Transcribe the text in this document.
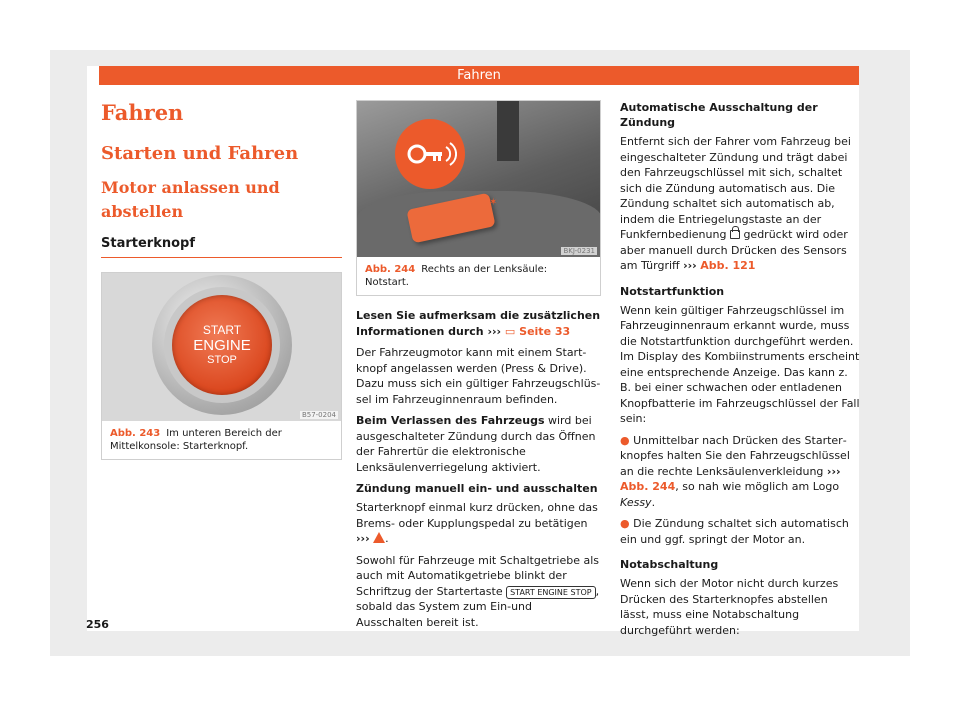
Fahren
Fahren
Starten und Fahren
Motor anlassen und abstellen
Starterknopf
START
ENGINE
STOP
B57-0204
Abb. 243 Im unteren Bereich der Mittelkonsole: Starterknopf.
✶
BKJ-0231
Abb. 244 Rechts an der Lenksäule: Notstart.

Lesen Sie aufmerksam die zusätzlichen Informationen durch ››› ▭ Seite 33

Der Fahrzeugmotor kann mit einem Startknopf angelassen werden (Press & Drive). Dazu muss sich ein gültiger Fahrzeugschlüssel im Fahrzeuginnenraum befinden.

Beim Verlassen des Fahrzeugs wird bei ausgeschalteter Zündung durch das Öffnen der Fahrertür die elektronische Lenksäulenverriegelung aktiviert.

Zündung manuell ein- und ausschalten

Starterknopf einmal kurz drücken, ohne das Brems- oder Kupplungspedal zu betätigen ››› .

Sowohl für Fahrzeuge mit Schaltgetriebe als auch mit Automatikgetriebe blinkt der Schriftzug der Startertaste START ENGINE STOP , sobald das System zum Ein-und Ausschalten bereit ist.

Automatische Ausschaltung der Zündung

Entfernt sich der Fahrer vom Fahrzeug bei eingeschalteter Zündung und trägt dabei den Fahrzeugschlüssel mit sich, schaltet sich die Zündung automatisch aus. Die Zündung schaltet sich automatisch ab, indem die Entriegelungstaste an der Funkfernbedienung gedrückt wird oder aber manuell durch Drücken des Sensors am Türgriff ››› Abb. 121

Notstartfunktion

Wenn kein gültiger Fahrzeugschlüssel im Fahrzeuginnenraum erkannt wurde, muss die Notstartfunktion durchgeführt werden. Im Display des Kombiinstruments erscheint eine entsprechende Anzeige. Das kann z. B. bei einer schwachen oder entladenen Knopfbatterie im Fahrzeugschlüssel der Fall sein:

● Unmittelbar nach Drücken des Starterknopfes halten Sie den Fahrzeugschlüssel an die rechte Lenksäulenverkleidung ››› Abb. 244, so nah wie möglich am Logo Kessy.

● Die Zündung schaltet sich automatisch ein und ggf. springt der Motor an.

Notabschaltung

Wenn sich der Motor nicht durch kurzes Drücken des Starterknopfes abstellen lässt, muss eine Notabschaltung durchgeführt werden:

256
